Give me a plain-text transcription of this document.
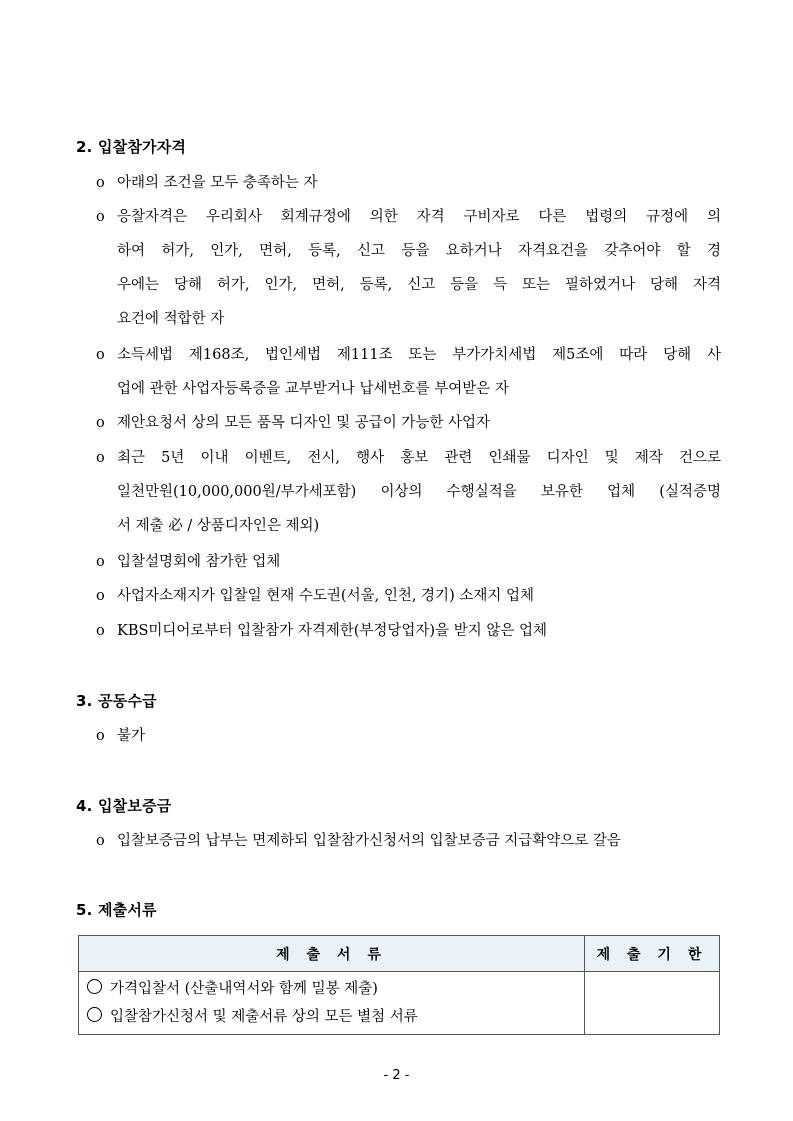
2. 입찰참가자격
o 아래의 조건을 모두 충족하는 자
o 응찰자격은 우리회사 회계규정에 의한 자격 구비자로 다른 법령의 규정에 의
하여 허가, 인가, 면허, 등록, 신고 등을 요하거나 자격요건을 갖추어야 할 경
우에는 당해 허가, 인가, 면허, 등록, 신고 등을 득 또는 필하였거나 당해 자격
요건에 적합한 자
o 소득세법 제168조, 법인세법 제111조 또는 부가가치세법 제5조에 따라 당해 사
업에 관한 사업자등록증을 교부받거나 납세번호를 부여받은 자
o 제안요청서 상의 모든 품목 디자인 및 공급이 가능한 사업자
o 최근 5년 이내 이벤트, 전시, 행사 홍보 관련 인쇄물 디자인 및 제작 건으로
일천만원(10,000,000원/부가세포함) 이상의 수행실적을 보유한 업체 (실적증명
서 제출 必 / 상품디자인은 제외)
o 입찰설명회에 참가한 업체
o 사업자소재지가 입찰일 현재 수도권(서울, 인천, 경기) 소재지 업체
o KBS미디어로부터 입찰참가 자격제한(부정당업자)을 받지 않은 업체
3. 공동수급
o 불가
4. 입찰보증금
o 입찰보증금의 납부는 면제하되 입찰참가신청서의 입찰보증금 지급확약으로 갈음
5. 제출서류
제 출 서 류	제 출 기 한

가격입찰서 (산출내역서와 함께 밀봉 제출)
입찰참가신청서 및 제출서류 상의 모든 별첨 서류	

- 2 -
